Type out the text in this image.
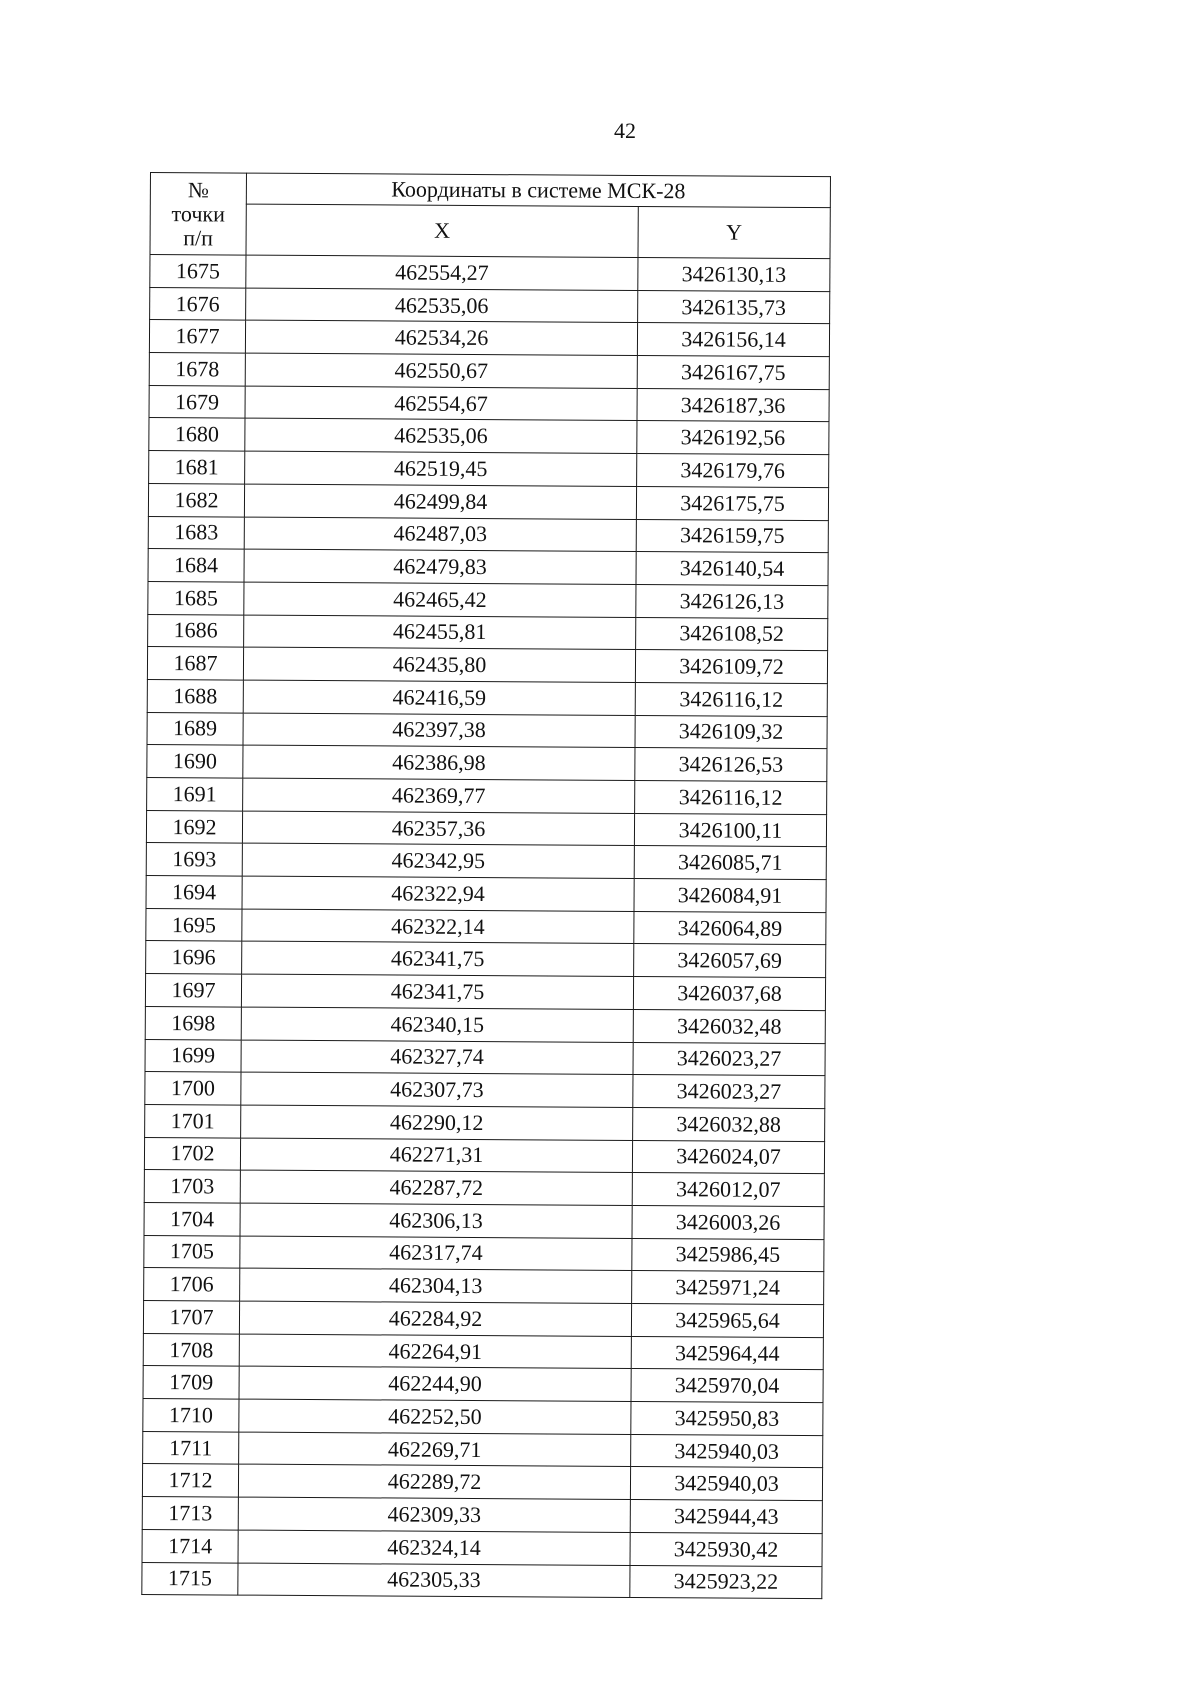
42
№
точки
п/п	Координаты в системе МСК-28	
	X	Y
1675	462554,27	3426130,13
1676	462535,06	3426135,73
1677	462534,26	3426156,14
1678	462550,67	3426167,75
1679	462554,67	3426187,36
1680	462535,06	3426192,56
1681	462519,45	3426179,76
1682	462499,84	3426175,75
1683	462487,03	3426159,75
1684	462479,83	3426140,54
1685	462465,42	3426126,13
1686	462455,81	3426108,52
1687	462435,80	3426109,72
1688	462416,59	3426116,12
1689	462397,38	3426109,32
1690	462386,98	3426126,53
1691	462369,77	3426116,12
1692	462357,36	3426100,11
1693	462342,95	3426085,71
1694	462322,94	3426084,91
1695	462322,14	3426064,89
1696	462341,75	3426057,69
1697	462341,75	3426037,68
1698	462340,15	3426032,48
1699	462327,74	3426023,27
1700	462307,73	3426023,27
1701	462290,12	3426032,88
1702	462271,31	3426024,07
1703	462287,72	3426012,07
1704	462306,13	3426003,26
1705	462317,74	3425986,45
1706	462304,13	3425971,24
1707	462284,92	3425965,64
1708	462264,91	3425964,44
1709	462244,90	3425970,04
1710	462252,50	3425950,83
1711	462269,71	3425940,03
1712	462289,72	3425940,03
1713	462309,33	3425944,43
1714	462324,14	3425930,42
1715	462305,33	3425923,22
